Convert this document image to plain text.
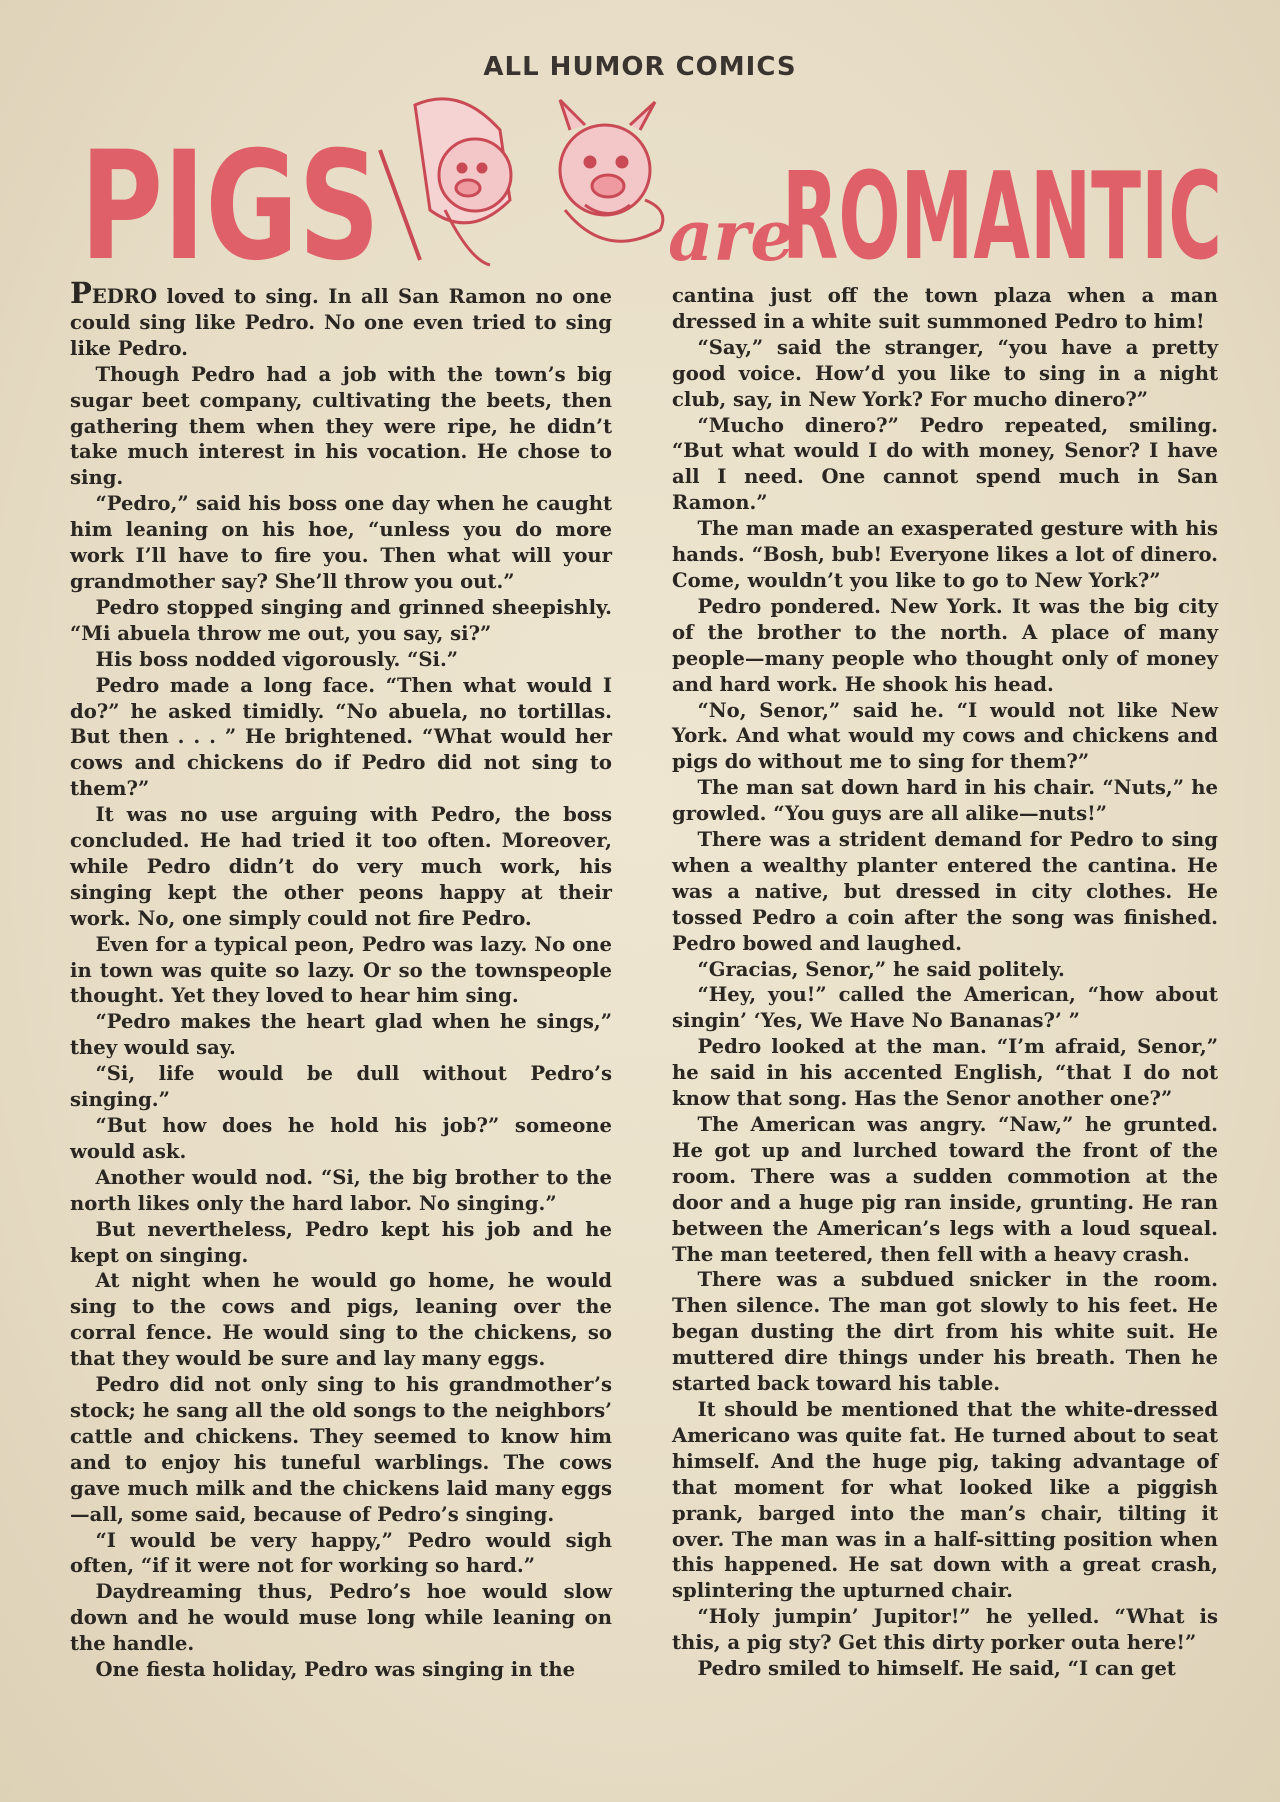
ALL HUMOR COMICS
PIGS	are
ROMANTIC

PEDRO loved to sing. In all San Ramon no one could sing like Pedro. No one even tried to sing like Pedro.

Though Pedro had a job with the town’s big sugar beet company, cultivating the beets, then gathering them when they were ripe, he didn’t take much interest in his vocation. He chose to sing.

“Pedro,” said his boss one day when he caught him leaning on his hoe, “unless you do more work I’ll have to fire you. Then what will your grandmother say? She’ll throw you out.”

Pedro stopped singing and grinned sheepishly. “Mi abuela throw me out, you say, si?”

His boss nodded vigorously. “Si.”

Pedro made a long face. “Then what would I do?” he asked timidly. “No abuela, no tortillas. But then . . . ” He brightened. “What would her cows and chickens do if Pedro did not sing to them?”

It was no use arguing with Pedro, the boss concluded. He had tried it too often. Moreover, while Pedro didn’t do very much work, his singing kept the other peons happy at their work. No, one simply could not fire Pedro.

Even for a typical peon, Pedro was lazy. No one in town was quite so lazy. Or so the townspeople thought. Yet they loved to hear him sing.

“Pedro makes the heart glad when he sings,” they would say.

“Si, life would be dull without Pedro’s singing.”

“But how does he hold his job?” someone would ask.

Another would nod. “Si, the big brother to the north likes only the hard labor. No singing.”

But nevertheless, Pedro kept his job and he kept on singing.

At night when he would go home, he would sing to the cows and pigs, leaning over the corral fence. He would sing to the chickens, so that they would be sure and lay many eggs.

Pedro did not only sing to his grandmother’s stock; he sang all the old songs to the neighbors’ cattle and chickens. They seemed to know him and to enjoy his tuneful warblings. The cows gave much milk and the chickens laid many eggs—all, some said, because of Pedro’s singing.

“I would be very happy,” Pedro would sigh often, “if it were not for working so hard.”

Daydreaming thus, Pedro’s hoe would slow down and he would muse long while leaning on the handle.

One fiesta holiday, Pedro was singing in the

cantina just off the town plaza when a man dressed in a white suit summoned Pedro to him!

“Say,” said the stranger, “you have a pretty good voice. How’d you like to sing in a night club, say, in New York? For mucho dinero?”

“Mucho dinero?” Pedro repeated, smiling. “But what would I do with money, Senor? I have all I need. One cannot spend much in San Ramon.”

The man made an exasperated gesture with his hands. “Bosh, bub! Everyone likes a lot of dinero. Come, wouldn’t you like to go to New York?”

Pedro pondered. New York. It was the big city of the brother to the north. A place of many people—many people who thought only of money and hard work. He shook his head.

“No, Senor,” said he. “I would not like New York. And what would my cows and chickens and pigs do without me to sing for them?”

The man sat down hard in his chair. “Nuts,” he growled. “You guys are all alike—nuts!”

There was a strident demand for Pedro to sing when a wealthy planter entered the cantina. He was a native, but dressed in city clothes. He tossed Pedro a coin after the song was finished. Pedro bowed and laughed.

“Gracias, Senor,” he said politely.

“Hey, you!” called the American, “how about singin’ ‘Yes, We Have No Bananas?’ ”

Pedro looked at the man. “I’m afraid, Senor,” he said in his accented English, “that I do not know that song. Has the Senor another one?”

The American was angry. “Naw,” he grunted. He got up and lurched toward the front of the room. There was a sudden commotion at the door and a huge pig ran inside, grunting. He ran between the American’s legs with a loud squeal. The man teetered, then fell with a heavy crash.

There was a subdued snicker in the room. Then silence. The man got slowly to his feet. He began dusting the dirt from his white suit. He muttered dire things under his breath. Then he started back toward his table.

It should be mentioned that the white-dressed Americano was quite fat. He turned about to seat himself. And the huge pig, taking advantage of that moment for what looked like a piggish prank, barged into the man’s chair, tilting it over. The man was in a half-sitting position when this happened. He sat down with a great crash, splintering the upturned chair.

“Holy jumpin’ Jupitor!” he yelled. “What is this, a pig sty? Get this dirty porker outa here!”

Pedro smiled to himself. He said, “I can get
